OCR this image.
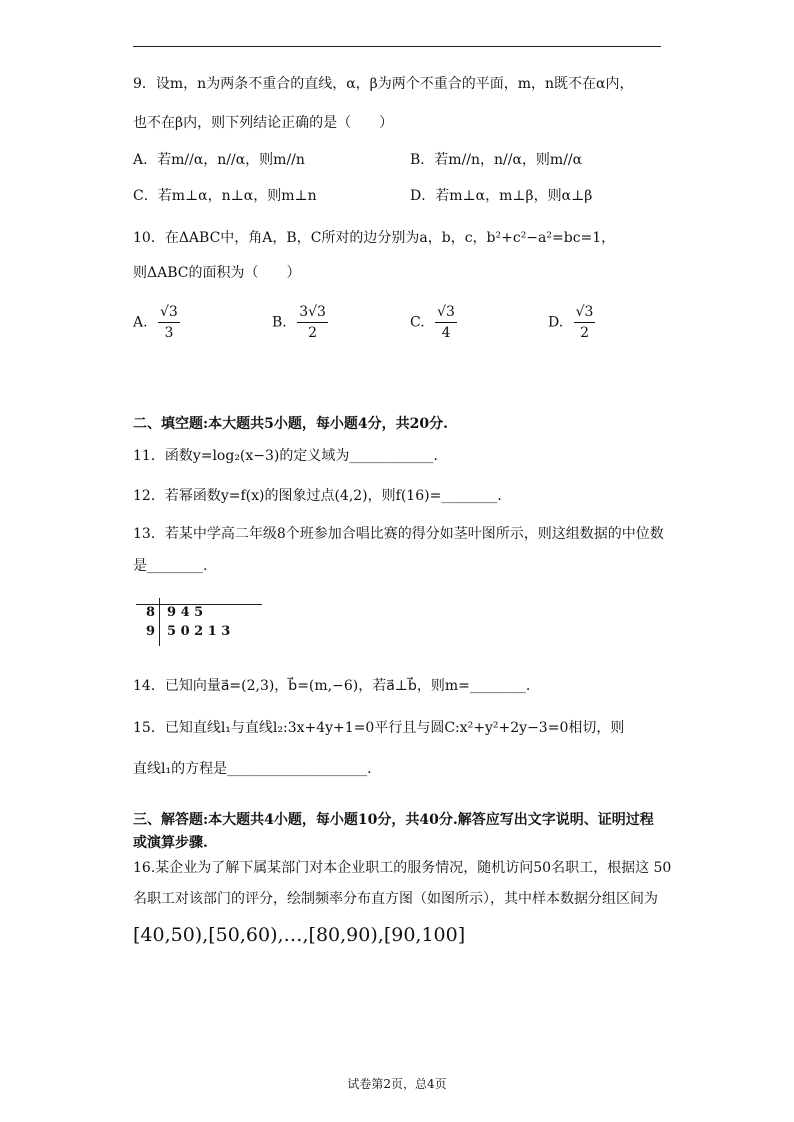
9．设m，n为两条不重合的直线，α，β为两个不重合的平面，m，n既不在α内，
也不在β内，则下列结论正确的是（　　）
A．若m//α，n//α，则m//n	B．若m//n，n//α，则m//α
C．若m⊥α，n⊥α，则m⊥n	D．若m⊥α，m⊥β，则α⊥β
10．在ΔABC中，角A，B，C所对的边分别为a，b，c，b²+c²−a²=bc=1，
则ΔABC的面积为（　　）
A. $\frac{√3}{3}$	B. $\frac{3√3}{2}$	C. $\frac{√3}{4}$	D. $\frac{√3}{2}$
二、填空题:本大题共5小题，每小题4分，共20分.
11．函数y=log₂(x−3)的定义域为____________.
12．若幂函数y=f(x)的图象过点(4,2)，则f(16)=________.
13．若某中学高二年级8个班参加合唱比赛的得分如茎叶图所示，则这组数据的中位数
是________.
8 9 4 5
9 5 0 2 1 3
14．已知向量a⃗=(2,3)，b⃗=(m,−6)，若a⃗⊥b⃗，则m=________.
15．已知直线l₁与直线l₂:3x+4y+1=0平行且与圆C:x²+y²+2y−3=0相切，则
直线l₁的方程是____________________.
三、解答题:本大题共4小题，每小题10分，共40分.解答应写出文字说明、证明过程
或演算步骤.
16.某企业为了解下属某部门对本企业职工的服务情况，随机访问50名职工，根据这 50
名职工对该部门的评分，绘制频率分布直方图（如图所示），其中样本数据分组区间为
[40,50),[50,60),…,[80,90),[90,100]
试卷第2页，总4页
